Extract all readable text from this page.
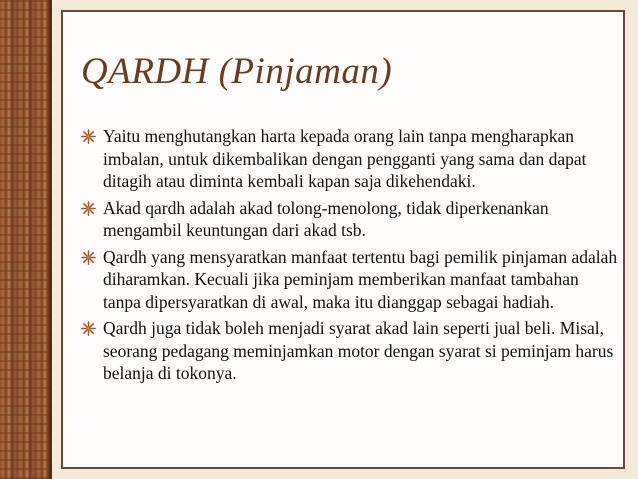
QARDH (Pinjaman)
Yaitu menghutangkan harta kepada orang lain tanpa mengharapkan imbalan, untuk dikembalikan dengan pengganti yang sama dan dapat ditagih atau diminta kembali kapan saja dikehendaki.
Akad qardh adalah akad tolong-menolong, tidak diperkenankan mengambil keuntungan dari akad tsb.
Qardh yang mensyaratkan manfaat tertentu bagi pemilik pinjaman adalah diharamkan. Kecuali jika peminjam memberikan manfaat tambahan tanpa dipersyaratkan di awal, maka itu dianggap sebagai hadiah.
Qardh juga tidak boleh menjadi syarat akad lain seperti jual beli. Misal, seorang pedagang meminjamkan motor dengan syarat si peminjam harus belanja di tokonya.
